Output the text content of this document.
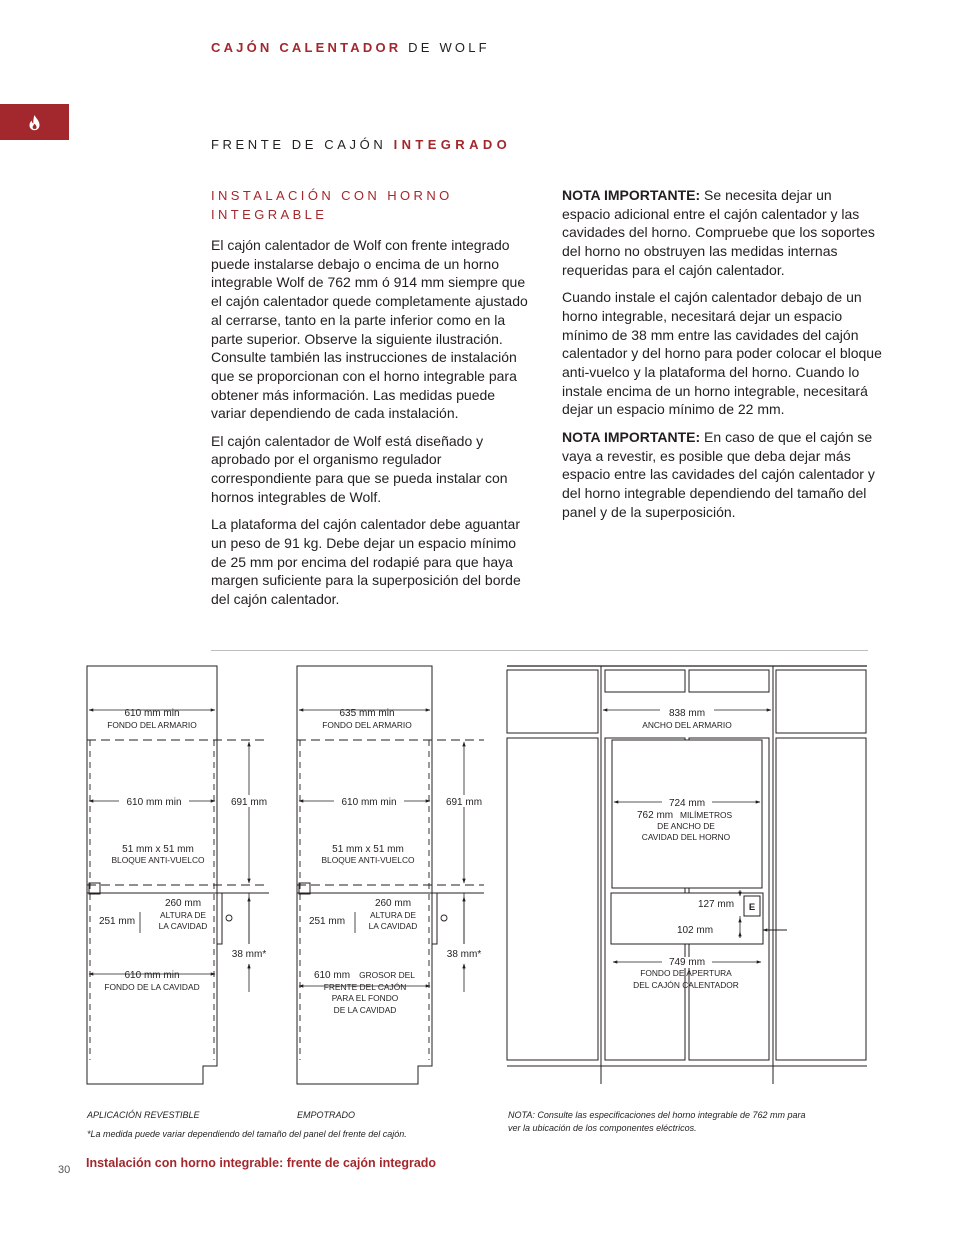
CAJÓN CALENTADOR DE WOLF
FRENTE DE CAJÓN INTEGRADO
INSTALACIÓN CON HORNO INTEGRABLE

El cajón calentador de Wolf con frente integrado puede instalarse debajo o encima de un horno integrable Wolf de 762 mm ó 914 mm siempre que el cajón calentador quede completamente ajustado al cerrarse, tanto en la parte inferior como en la parte superior. Observe la siguiente ilustración. Consulte también las instrucciones de instalación que se proporcionan con el horno integrable para obtener más información. Las medidas puede variar dependiendo de cada instalación.

El cajón calentador de Wolf está diseñado y aprobado por el organismo regulador correspondiente para que se pueda instalar con hornos integrables de Wolf.

La plataforma del cajón calentador debe aguantar un peso de 91 kg. Debe dejar un espacio mínimo de 25 mm por encima del rodapié para que haya margen suficiente para la superposición del borde del cajón calentador.

NOTA IMPORTANTE: Se necesita dejar un espacio adicional entre el cajón calentador y las cavidades del horno. Compruebe que los soportes del horno no obstruyen las medidas internas requeridas para el cajón calentador.

Cuando instale el cajón calentador debajo de un horno integrable, necesitará dejar un espacio mínimo de 38 mm entre las cavidades del cajón calentador y del horno para poder colocar el bloque anti-vuelco y la plataforma del horno. Cuando lo instale encima de un horno integrable, necesitará dejar un espacio mínimo de 22 mm.

NOTA IMPORTANTE: En caso de que el cajón se vaya a revestir, es posible que deba dejar más espacio entre las cavidades del cajón calentador y del horno integrable dependiendo del tamaño del panel y de la superposición.

610 mm min
FONDO DEL ARMARIO
610 mm min	691 mm
51 mm x 51 mm
BLOQUE ANTI-VUELCO
260 mm
ALTURA DE
LA CAVIDAD
251 mm
38 mm*
610 mm min
FONDO DE LA CAVIDAD
635 mm min
FONDO DEL ARMARIO
610 mm min	691 mm
51 mm x 51 mm
BLOQUE ANTI-VUELCO
260 mm
ALTURA DE
LA CAVIDAD
251 mm
38 mm*
610 mm GROSOR DEL
FRENTE DEL CAJÓN
PARA EL FONDO
DE LA CAVIDAD
838 mm
ANCHO DEL ARMARIO
724 mm
762 mm MILÍMETROS
DE ANCHO DE
CAVIDAD DEL HORNO
127 mm E
102 mm
749 mm
FONDO DE APERTURA
DEL CAJÓN CALENTADOR
APLICACIÓN REVESTIBLE	EMPOTRADO
*La medida puede variar dependiendo del tamaño del panel del frente del cajón.
NOTA: Consulte las especificaciones del horno integrable de 762 mm para
ver la ubicación de los componentes eléctricos.
30 Instalación con horno integrable: frente de cajón integrado
